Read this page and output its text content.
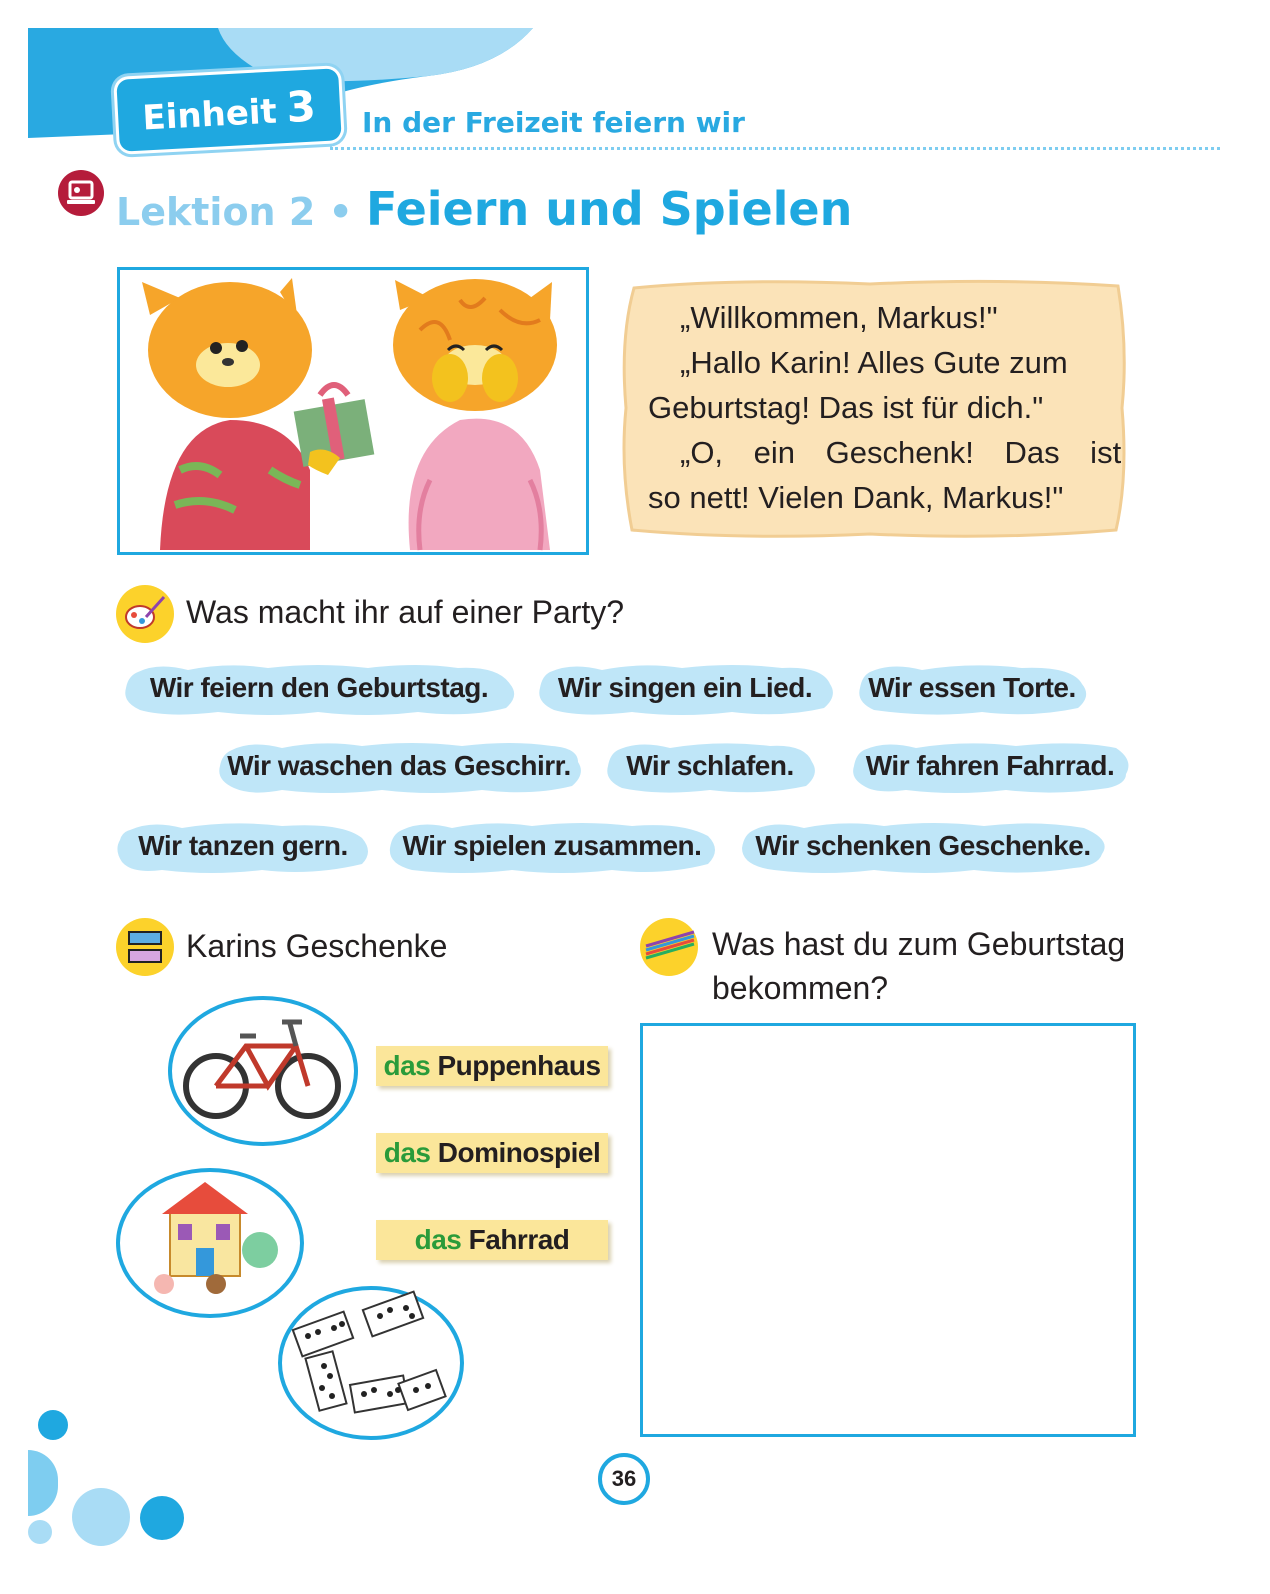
Einheit 3	In der Freizeit feiern wir
Lektion 2 • Feiern und Spielen
„Willkommen, Markus!"
„Hallo Karin! Alles Gute zum
Geburtstag! Das ist für dich."
„O, ein Geschenk! Das ist
so nett! Vielen Dank, Markus!"
Was macht ihr auf einer Party?
Wir feiern den Geburtstag.	Wir singen ein Lied.	Wir essen Torte.
Wir waschen das Geschirr.	Wir schlafen.	Wir fahren Fahrrad.
Wir tanzen gern.	Wir spielen zusammen.	Wir schenken Geschenke.
Karins Geschenke
das Puppenhaus
das Dominospiel
das Fahrrad
Was hast du zum Geburtstag
bekommen?
36
